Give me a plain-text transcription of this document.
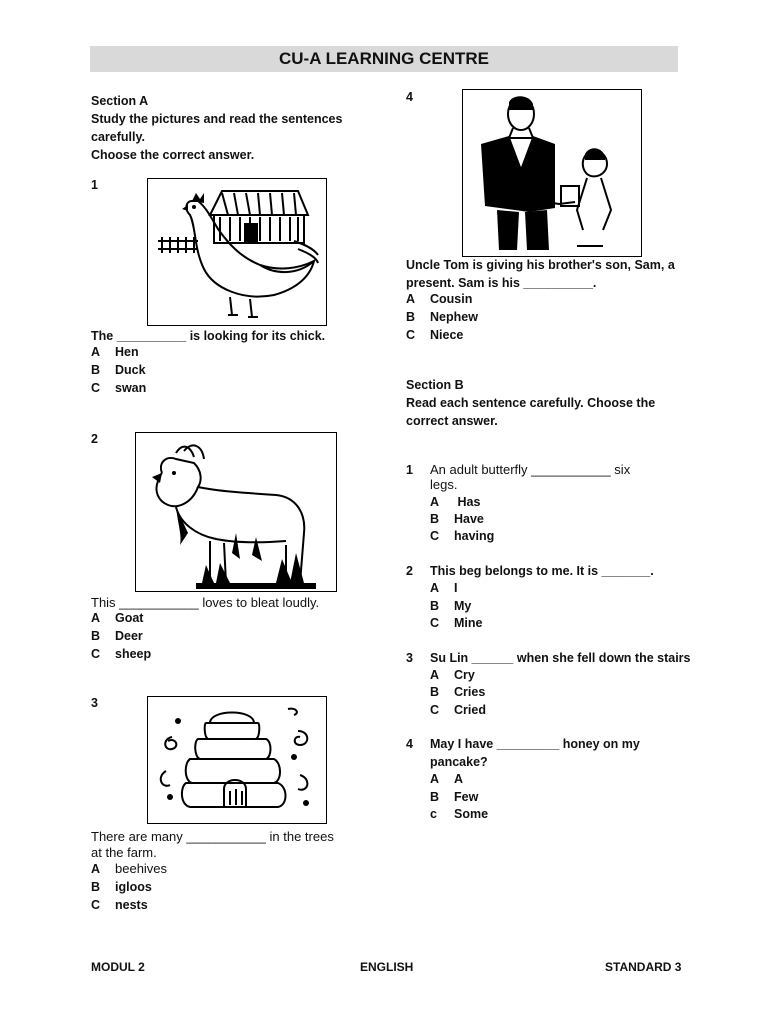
CU-A LEARNING CENTRE
Section A
Study the pictures and read the sentences
carefully.
Choose the correct answer.
1
The __________ is looking for its chick.
A Hen
B Duck
C swan
2
This ___________ loves to bleat loudly.
A Goat
B Deer
C sheep
3
There are many ___________ in the trees
at the farm.
A beehives
B igloos
C nests
4
Uncle Tom is giving his brother's son, Sam, a
present. Sam is his __________.
A Cousin
B Nephew
C Niece
Section B
Read each sentence carefully. Choose the
correct answer.
1 An adult butterfly ___________ six
legs.
A Has
B Have
C having
2 This beg belongs to me. It is _______.
A I
B My
C Mine
3 Su Lin ______ when she fell down the stairs
A Cry
B Cries
C Cried
4 May I have _________ honey on my
pancake?
A A
B Few
c Some
MODUL 2	ENGLISH	STANDARD 3
